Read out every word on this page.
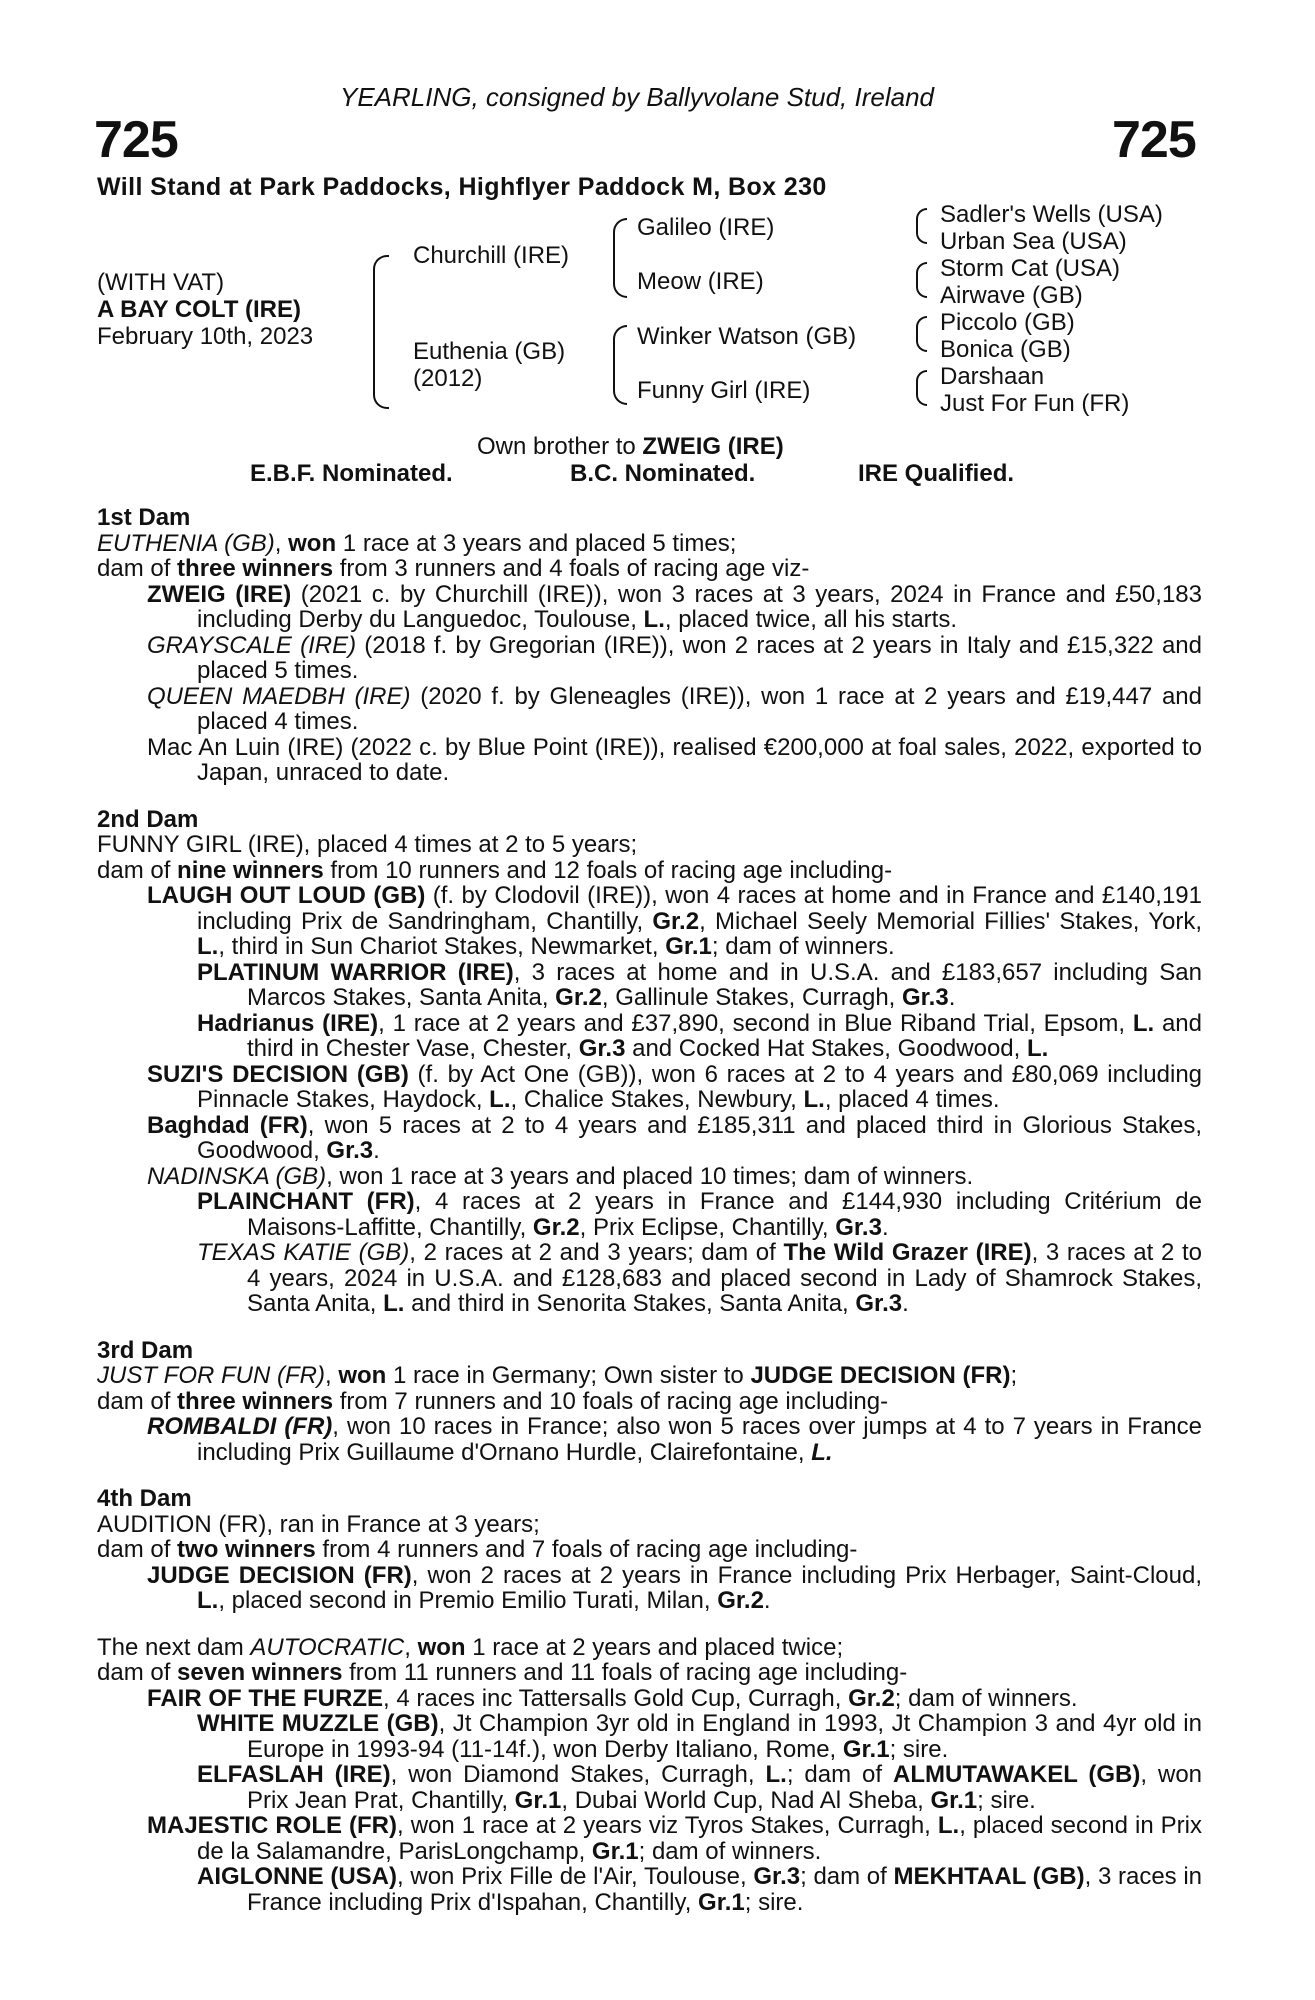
YEARLING, consigned by Ballyvolane Stud, Ireland
725	725
Will Stand at Park Paddocks, Highflyer Paddock M, Box 230
(WITH VAT)
A BAY COLT (IRE)
February 10th, 2023
Churchill (IRE)
Euthenia (GB)
(2012)
Galileo (IRE)
Meow (IRE)
Winker Watson (GB)
Funny Girl (IRE)
Sadler's Wells (USA)
Urban Sea (USA)
Storm Cat (USA)
Airwave (GB)
Piccolo (GB)
Bonica (GB)
Darshaan
Just For Fun (FR)
Own brother to ZWEIG (IRE)
E.B.F. Nominated.	B.C. Nominated.	IRE Qualified.
1st Dam
EUTHENIA (GB), won 1 race at 3 years and placed 5 times;
dam of three winners from 3 runners and 4 foals of racing age viz-
ZWEIG (IRE) (2021 c. by Churchill (IRE)), won 3 races at 3 years, 2024 in France and £50,183 including Derby du Languedoc, Toulouse, L., placed twice, all his starts.
GRAYSCALE (IRE) (2018 f. by Gregorian (IRE)), won 2 races at 2 years in Italy and £15,322 and placed 5 times.
QUEEN MAEDBH (IRE) (2020 f. by Gleneagles (IRE)), won 1 race at 2 years and £19,447 and placed 4 times.
Mac An Luin (IRE) (2022 c. by Blue Point (IRE)), realised €200,000 at foal sales, 2022, exported to Japan, unraced to date.
2nd Dam
FUNNY GIRL (IRE), placed 4 times at 2 to 5 years;
dam of nine winners from 10 runners and 12 foals of racing age including-
LAUGH OUT LOUD (GB) (f. by Clodovil (IRE)), won 4 races at home and in France and £140,191 including Prix de Sandringham, Chantilly, Gr.2, Michael Seely Memorial Fillies' Stakes, York, L., third in Sun Chariot Stakes, Newmarket, Gr.1; dam of winners.
PLATINUM WARRIOR (IRE), 3 races at home and in U.S.A. and £183,657 including San Marcos Stakes, Santa Anita, Gr.2, Gallinule Stakes, Curragh, Gr.3.
Hadrianus (IRE), 1 race at 2 years and £37,890, second in Blue Riband Trial, Epsom, L. and third in Chester Vase, Chester, Gr.3 and Cocked Hat Stakes, Goodwood, L.
SUZI'S DECISION (GB) (f. by Act One (GB)), won 6 races at 2 to 4 years and £80,069 including Pinnacle Stakes, Haydock, L., Chalice Stakes, Newbury, L., placed 4 times.
Baghdad (FR), won 5 races at 2 to 4 years and £185,311 and placed third in Glorious Stakes, Goodwood, Gr.3.
NADINSKA (GB), won 1 race at 3 years and placed 10 times; dam of winners.
PLAINCHANT (FR), 4 races at 2 years in France and £144,930 including Critérium de Maisons-Laffitte, Chantilly, Gr.2, Prix Eclipse, Chantilly, Gr.3.
TEXAS KATIE (GB), 2 races at 2 and 3 years; dam of The Wild Grazer (IRE), 3 races at 2 to 4 years, 2024 in U.S.A. and £128,683 and placed second in Lady of Shamrock Stakes, Santa Anita, L. and third in Senorita Stakes, Santa Anita, Gr.3.
3rd Dam
JUST FOR FUN (FR), won 1 race in Germany; Own sister to JUDGE DECISION (FR);
dam of three winners from 7 runners and 10 foals of racing age including-
ROMBALDI (FR), won 10 races in France; also won 5 races over jumps at 4 to 7 years in France including Prix Guillaume d'Ornano Hurdle, Clairefontaine, L.
4th Dam
AUDITION (FR), ran in France at 3 years;
dam of two winners from 4 runners and 7 foals of racing age including-
JUDGE DECISION (FR), won 2 races at 2 years in France including Prix Herbager, Saint-Cloud, L., placed second in Premio Emilio Turati, Milan, Gr.2.
The next dam AUTOCRATIC, won 1 race at 2 years and placed twice;
dam of seven winners from 11 runners and 11 foals of racing age including-
FAIR OF THE FURZE, 4 races inc Tattersalls Gold Cup, Curragh, Gr.2; dam of winners.
WHITE MUZZLE (GB), Jt Champion 3yr old in England in 1993, Jt Champion 3 and 4yr old in Europe in 1993-94 (11-14f.), won Derby Italiano, Rome, Gr.1; sire.
ELFASLAH (IRE), won Diamond Stakes, Curragh, L.; dam of ALMUTAWAKEL (GB), won Prix Jean Prat, Chantilly, Gr.1, Dubai World Cup, Nad Al Sheba, Gr.1; sire.
MAJESTIC ROLE (FR), won 1 race at 2 years viz Tyros Stakes, Curragh, L., placed second in Prix de la Salamandre, ParisLongchamp, Gr.1; dam of winners.
AIGLONNE (USA), won Prix Fille de l'Air, Toulouse, Gr.3; dam of MEKHTAAL (GB), 3 races in France including Prix d'Ispahan, Chantilly, Gr.1; sire.
